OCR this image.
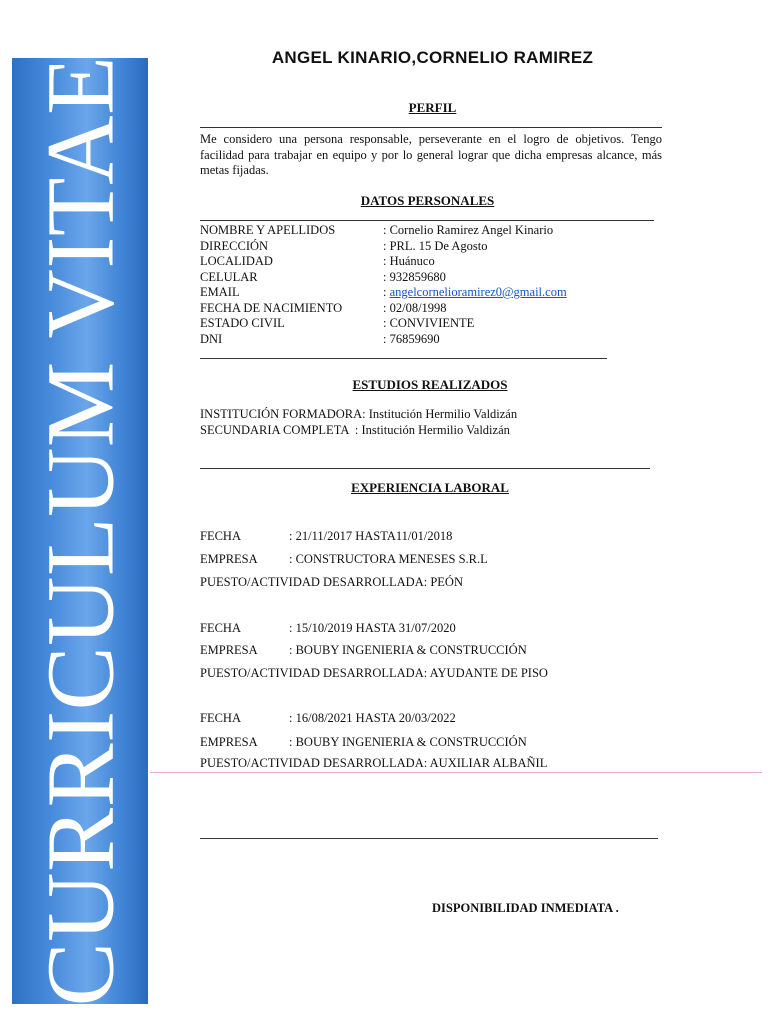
CURRICULUM VITAE	ANGEL KINARIO,CORNELIO RAMIREZ
PERFIL
Me considero una persona responsable, perseverante en el logro de objetivos. Tengo facilidad para trabajar en equipo y por lo general lograr que dicha empresas alcance, más metas fijadas.
DATOS PERSONALES
NOMBRE Y APELLIDOS	: Cornelio Ramirez Angel Kinario
DIRECCIÓN	: PRL. 15 De Agosto
LOCALIDAD	: Huánuco
CELULAR	: 932859680
EMAIL	: angelcornelioramirez0@gmail.com
FECHA DE NACIMIENTO	: 02/08/1998
ESTADO CIVIL	: CONVIVIENTE
DNI	: 76859690
ESTUDIOS REALIZADOS
INSTITUCIÓN FORMADORA: Institución Hermilio Valdizán
SECUNDARIA COMPLETA  : Institución Hermilio Valdizán
EXPERIENCIA LABORAL
FECHA	: 21/11/2017 HASTA11/01/2018
EMPRESA	: CONSTRUCTORA MENESES S.R.L
PUESTO/ACTIVIDAD DESARROLLADA: PEÓN
FECHA	: 15/10/2019 HASTA 31/07/2020
EMPRESA	: BOUBY INGENIERIA & CONSTRUCCIÓN
PUESTO/ACTIVIDAD DESARROLLADA: AYUDANTE DE PISO
FECHA	: 16/08/2021 HASTA 20/03/2022
EMPRESA	: BOUBY INGENIERIA & CONSTRUCCIÓN
PUESTO/ACTIVIDAD DESARROLLADA: AUXILIAR ALBAÑIL
DISPONIBILIDAD INMEDIATA .
